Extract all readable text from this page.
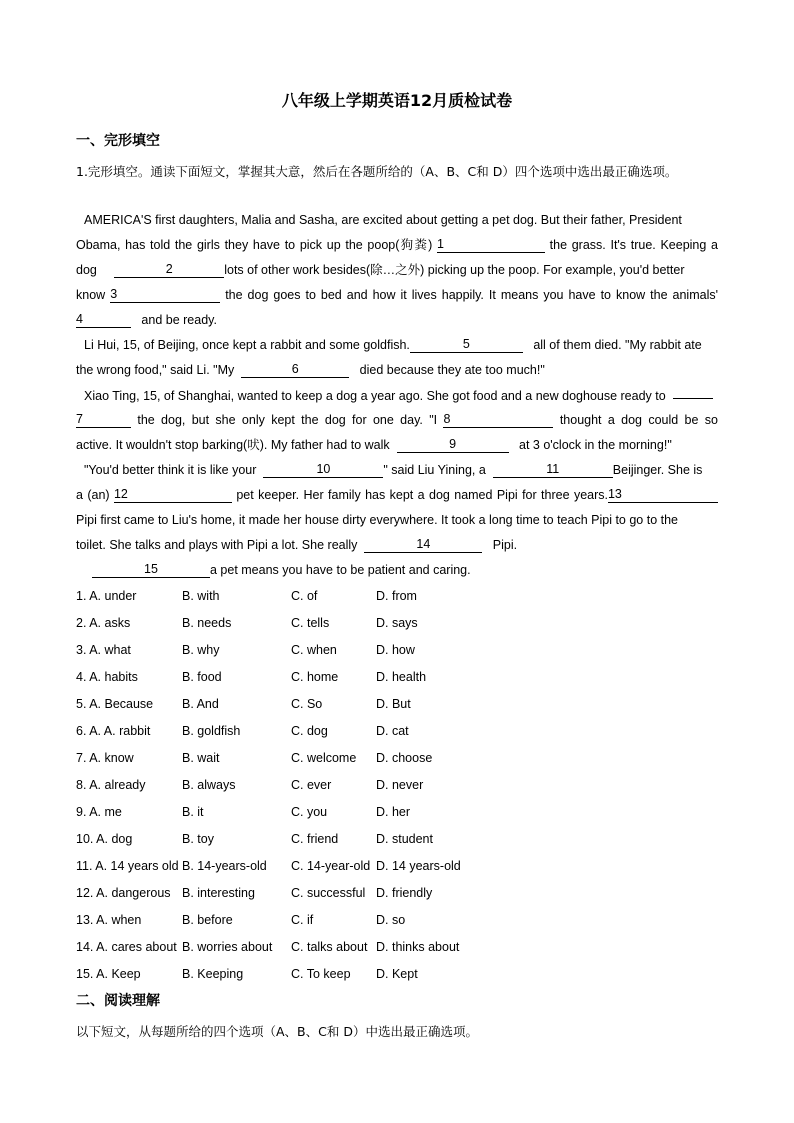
八年级上学期英语12月质检试卷
一、完形填空
1.完形填空。通读下面短文，掌握其大意，然后在各题所给的（A、B、C和 D）四个选项中选出最正确选项。
AMERICA'S first daughters, Malia and Sasha, are excited about getting a pet dog. But their father, President
Obama, has told the girls they have to pick up the poop(狗粪) 1	the grass. It's true. Keeping a
dog	2	lots of other work besides(除…之外) picking up the poop. For example, you'd better
know 3	the dog goes to bed and how it lives happily. It means you have to know the animals'
4	and be ready.
Li Hui, 15, of Beijing, once kept a rabbit and some goldfish.	5	all of them died. "My rabbit ate
the wrong food," said Li. "My	6	died because they ate too much!"
Xiao Ting, 15, of Shanghai, wanted to keep a dog a year ago. She got food and a new doghouse ready to
7	the dog, but she only kept the dog for one day. "I 8	thought a dog could be so
active. It wouldn't stop barking(吠). My father had to walk	9	at 3 o'clock in the morning!"
"You'd better think it is like your	10	" said Liu Yining, a	11	Beijinger. She is
a (an) 12	pet keeper. Her family has kept a dog named Pipi for three years.13
Pipi first came to Liu's home, it made her house dirty everywhere. It took a long time to teach Pipi to go to the
toilet. She talks and plays with Pipi a lot. She really	14	Pipi.
15	a pet means you have to be patient and caring.
1. A. under	B. with	C. of	D. from
2. A. asks	B. needs	C. tells	D. says
3. A. what	B. why	C. when	D. how
4. A. habits	B. food	C. home	D. health
5. A. Because B. And	C. So	D. But
6. A. A. rabbit	B. goldfish	C. dog	D. cat
7. A. know	B. wait	C. welcome D. choose
8. A. already	B. always	C. ever	D. never
9. A. me	B. it	C. you	D. her
10. A. dog	B. toy	C. friend	D. student
11. A. 14 years old B. 14-years-old C. 14-year-old D. 14 years-old
12. A. dangerous B. interesting	C. successful D. friendly
13. A. when	B. before	C. if	D. so
14. A. cares about B. worries about C. talks about D. thinks about
15. A. Keep	B. Keeping	C. To keep D. Kept
二、阅读理解
以下短文，从每题所给的四个选项（A、B、C和 D）中选出最正确选项。
